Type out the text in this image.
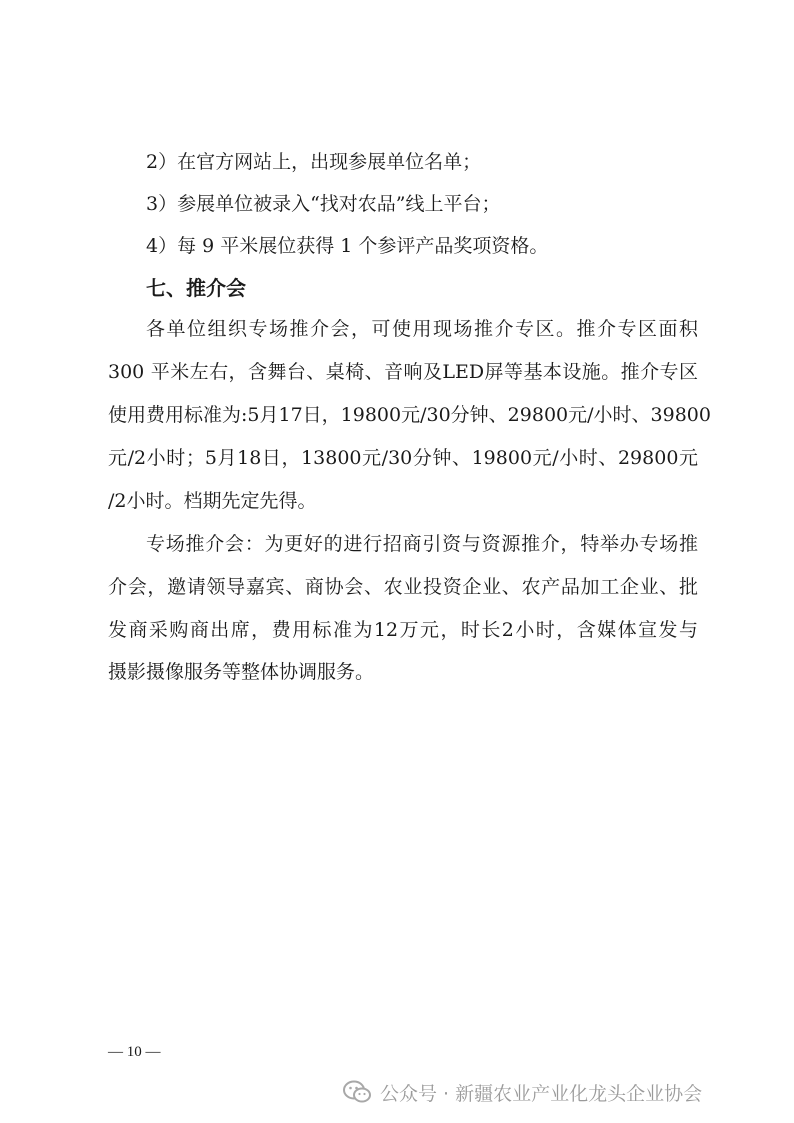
2）在官方网站上，出现参展单位名单；
3）参展单位被录入“找对农品”线上平台；
4）每 9 平米展位获得 1 个参评产品奖项资格。
七、推介会
各单位组织专场推介会，可使用现场推介专区。推介专区面积
300 平米左右，含舞台、桌椅、音响及LED屏等基本设施。推介专区
使用费用标准为:5月17日，19800元/30分钟、29800元/小时、39800
元/2小时；5月18日，13800元/30分钟、19800元/小时、29800元
/2小时。档期先定先得。
专场推介会：为更好的进行招商引资与资源推介，特举办专场推
介会，邀请领导嘉宾、商协会、农业投资企业、农产品加工企业、批
发商采购商出席，费用标准为12万元，时长2小时，含媒体宣发与
摄影摄像服务等整体协调服务。
— 10 —
公众号 · 新疆农业产业化龙头企业协会
